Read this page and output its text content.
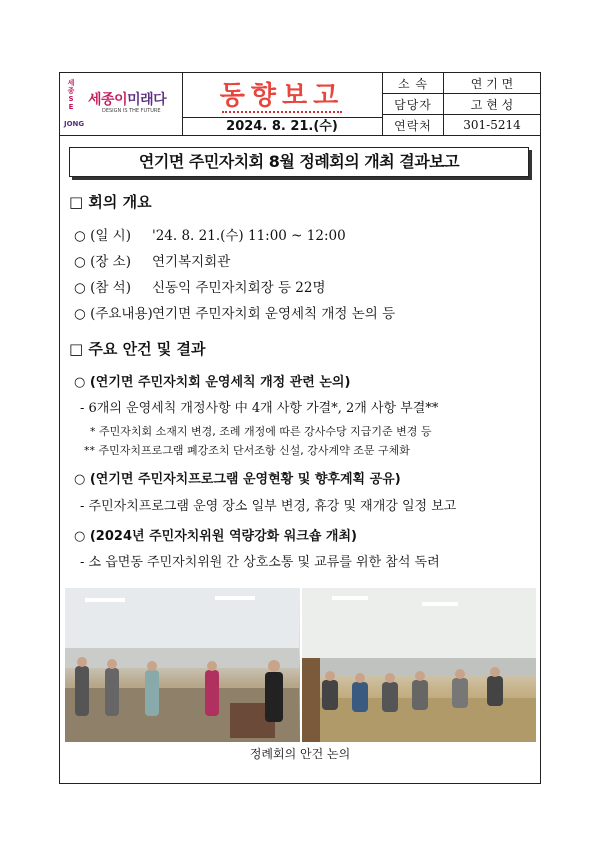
세
종
S
E	세종이미래다
DESIGN IS THE FUTURE
JONG
동향보고
2024. 8. 21.(수)
소 속	연 기 면
담당자	고 현 성
연락처	301-5214
연기면 주민자치회 8월 정례회의 개최 결과보고
□ 회의 개요
○ (일 시) '24. 8. 21.(수) 11:00 ~ 12:00
○ (장 소) 연기복지회관
○ (참 석) 신동익 주민자치회장 등 22명
○ (주요내용)연기면 주민자치회 운영세칙 개정 논의 등
□ 주요 안건 및 결과
○ (연기면 주민자치회 운영세칙 개정 관련 논의)
- 6개의 운영세칙 개정사항 中 4개 사항 가결*, 2개 사항 부결**
* 주민자치회 소재지 변경, 조례 개정에 따른 강사수당 지급기준 변경 등
** 주민자치프로그램 폐강조치 단서조항 신설, 강사계약 조문 구체화
○ (연기면 주민자치프로그램 운영현황 및 향후계획 공유)
- 주민자치프로그램 운영 장소 일부 변경, 휴강 및 재개강 일정 보고
○ (2024년 주민자치위원 역량강화 워크숍 개최)
- 소 읍면동 주민자치위원 간 상호소통 및 교류를 위한 참석 독려
정례회의 안건 논의
